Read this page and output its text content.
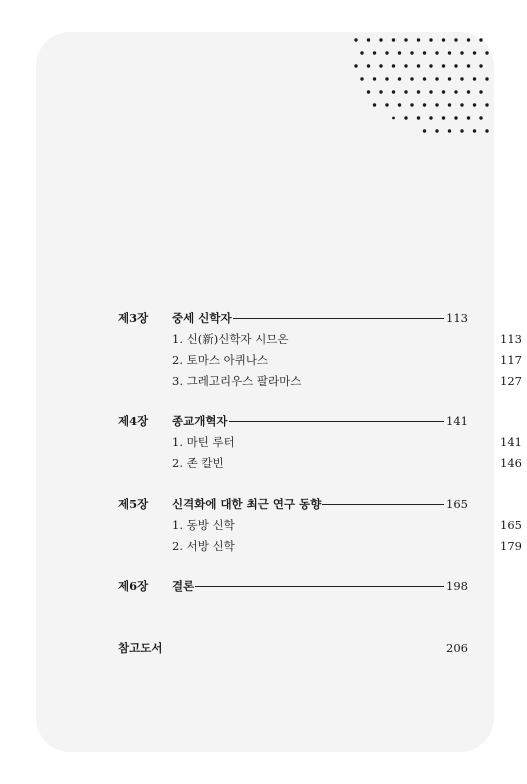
제3장	중세 신학자	113
1. 신(新)신학자 시므온	113
2. 토마스 아퀴나스	117
3. 그레고리우스 팔라마스	127
제4장	종교개혁자	141
1. 마틴 루터	141
2. 존 칼빈	146
제5장	신격화에 대한 최근 연구 동향	165
1. 동방 신학	165
2. 서방 신학	179
제6장	결론	198
참고도서	206
